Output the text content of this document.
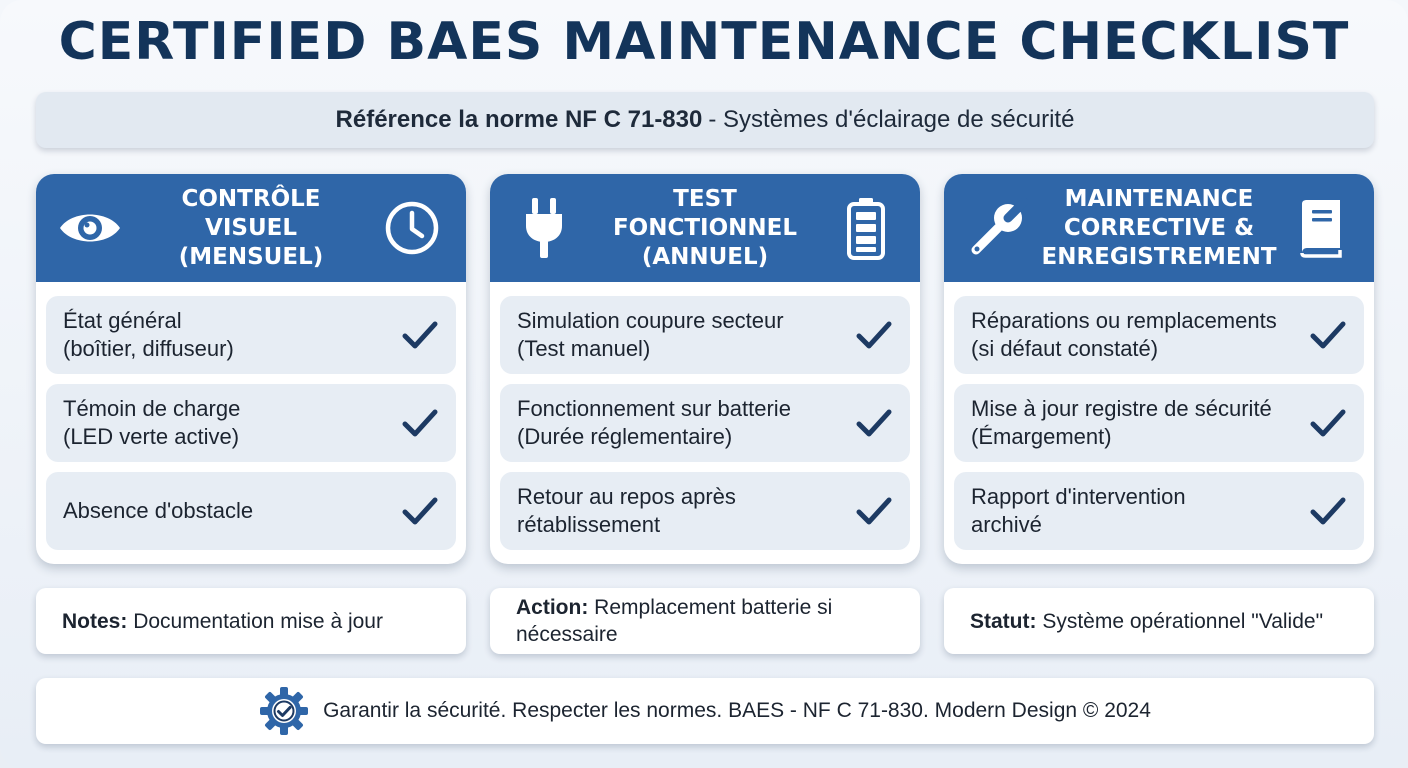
CERTIFIED BAES MAINTENANCE CHECKLIST
Référence la norme NF C 71-830 - Systèmes d'éclairage de sécurité
CONTRÔLE
VISUEL
(MENSUEL)
État général
(boîtier, diffuseur)
Témoin de charge
(LED verte active)
Absence d'obstacle
TEST
FONCTIONNEL
(ANNUEL)
Simulation coupure secteur
(Test manuel)
Fonctionnement sur batterie
(Durée réglementaire)
Retour au repos après
rétablissement
MAINTENANCE
CORRECTIVE &
ENREGISTREMENT
Réparations ou remplacements
(si défaut constaté)
Mise à jour registre de sécurité
(Émargement)
Rapport d'intervention
archivé
Notes: Documentation mise à jour
Action: Remplacement batterie si nécessaire
Statut: Système opérationnel "Valide"
Garantir la sécurité. Respecter les normes. BAES - NF C 71-830. Modern Design © 2024
